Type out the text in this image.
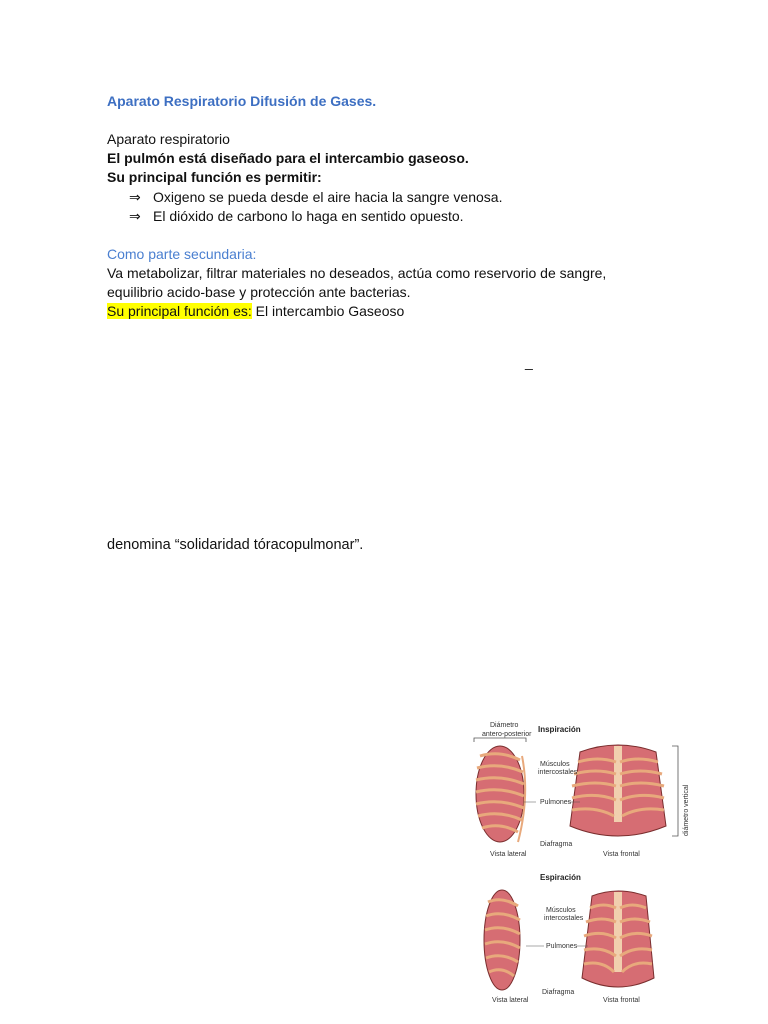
Aparato Respiratorio Difusión de Gases.
Aparato respiratorio
El pulmón está diseñado para el intercambio gaseoso.
Su principal función es permitir:
⇒ Oxigeno se pueda desde el aire hacia la sangre venosa.
⇒ El dióxido de carbono lo haga en sentido opuesto.
Como parte secundaria:
Va metabolizar, filtrar materiales no deseados, actúa como reservorio de sangre,
equilibrio acido-base y protección ante bacterias.
Su principal función es: El intercambio Gaseoso
_
denomina “solidaridad tóracopulmonar”.
Inspiración
Diámetro
antero-posterior
Músculos
intercostales
Pulmones
Diafragma
Vista lateral	Vista frontal
diámetro vertical
Espiración
Músculos
intercostales
Pulmones
Diafragma
Vista lateral	Vista frontal
